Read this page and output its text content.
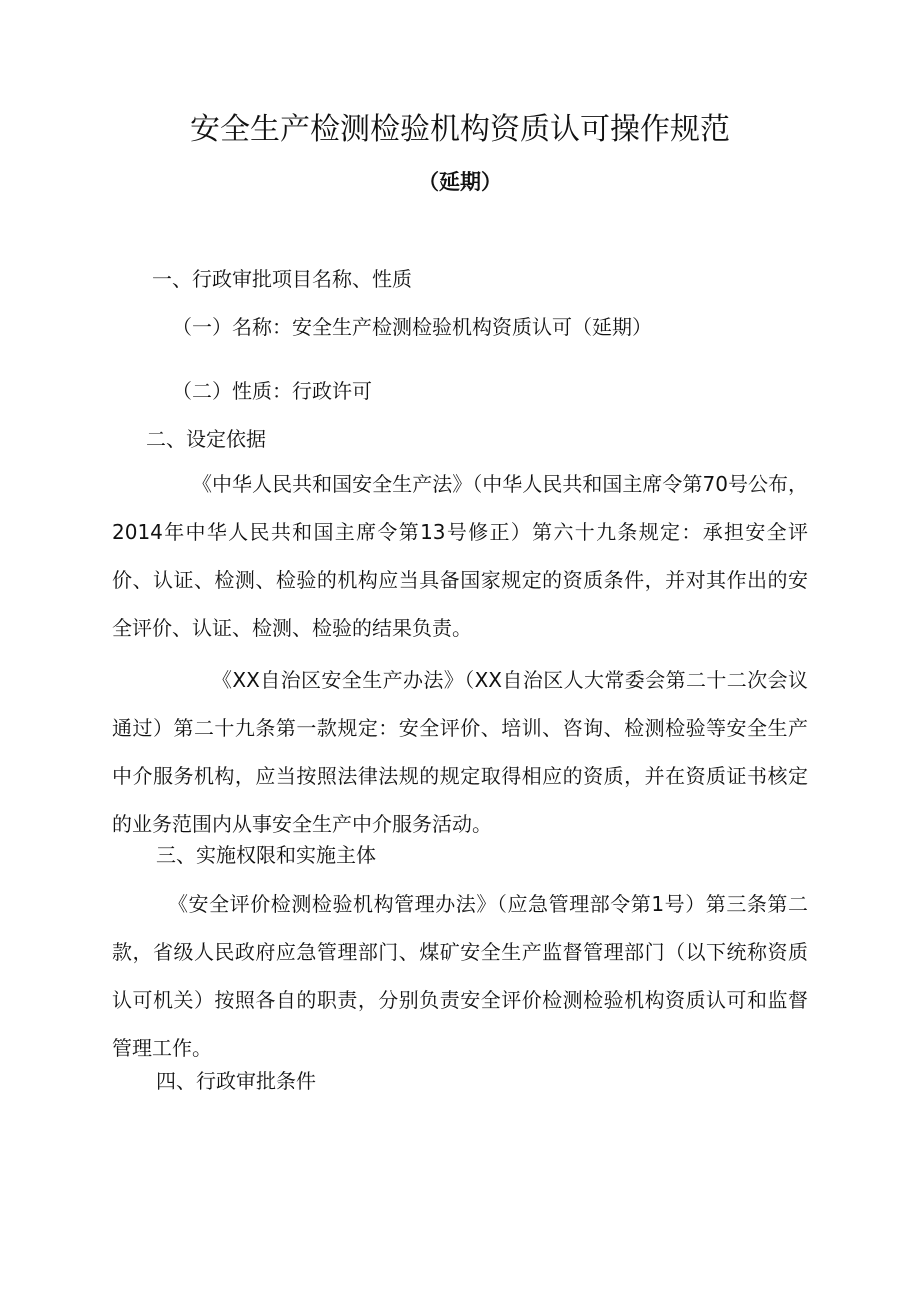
安全生产检测检验机构资质认可操作规范
（延期）
一、行政审批项目名称、性质
（一）名称：安全生产检测检验机构资质认可（延期）
（二）性质：行政许可
二、设定依据
《中华人民共和国安全生产法》（中华人民共和国主席令第70号公布，2014年中华人民共和国主席令第13号修正）第六十九条规定：承担安全评价、认证、检测、检验的机构应当具备国家规定的资质条件，并对其作出的安全评价、认证、检测、检验的结果负责。
《XX自治区安全生产办法》（XX自治区人大常委会第二十二次会议通过）第二十九条第一款规定：安全评价、培训、咨询、检测检验等安全生产中介服务机构，应当按照法律法规的规定取得相应的资质，并在资质证书核定的业务范围内从事安全生产中介服务活动。
三、实施权限和实施主体
《安全评价检测检验机构管理办法》（应急管理部令第1号）第三条第二款，省级人民政府应急管理部门、煤矿安全生产监督管理部门（以下统称资质认可机关）按照各自的职责，分别负责安全评价检测检验机构资质认可和监督管理工作。
四、行政审批条件
